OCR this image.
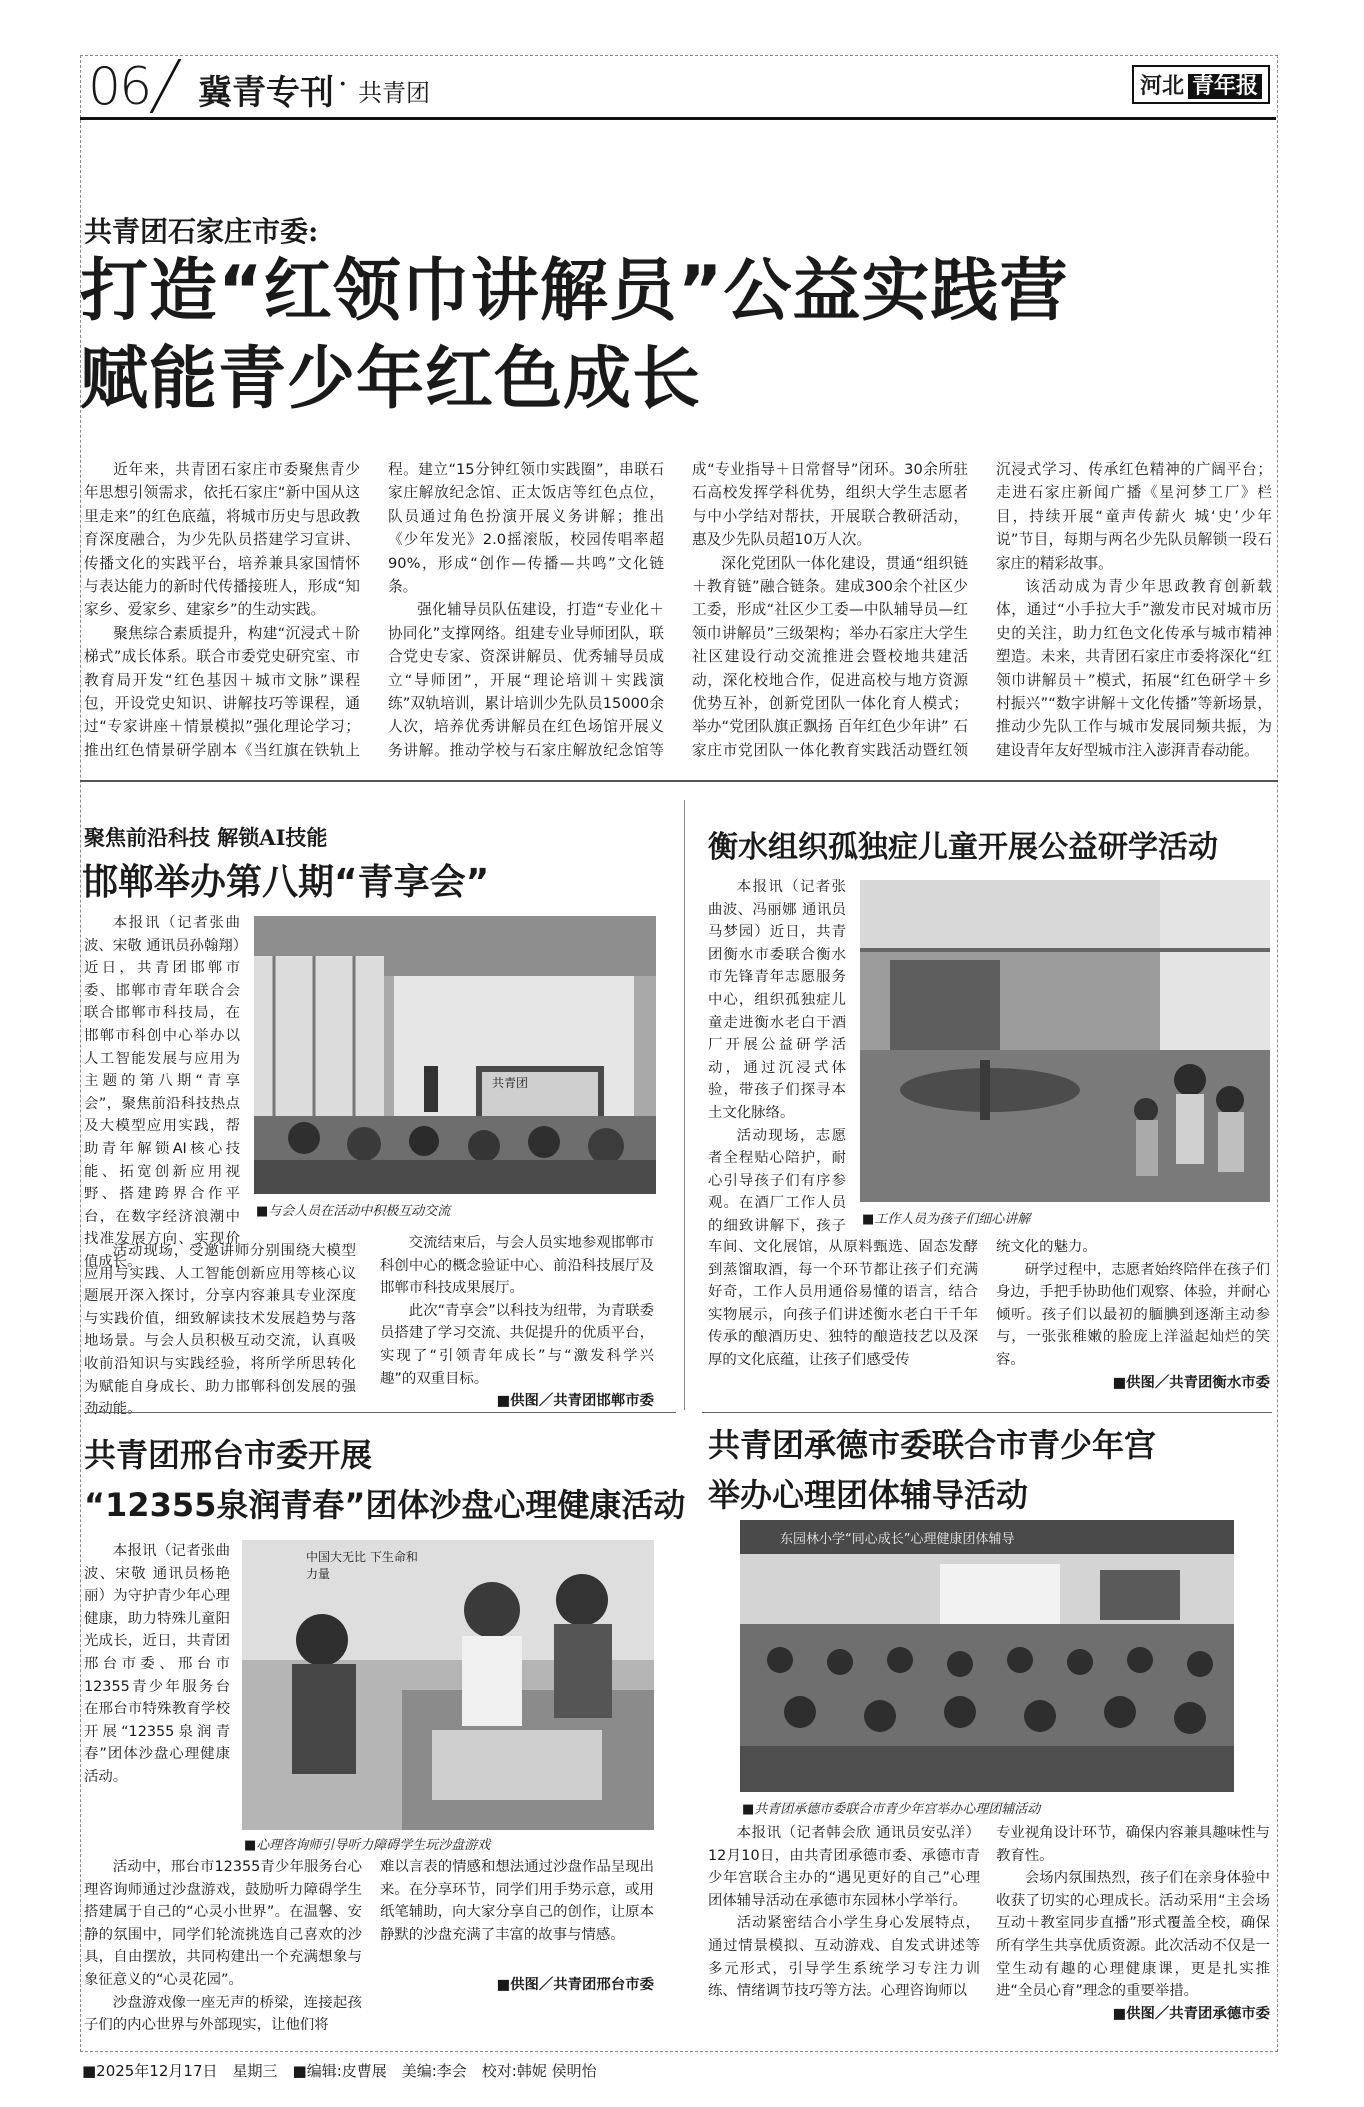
06 冀青专刊 · 共青团	河北 青年报
共青团石家庄市委:
打造“红领巾讲解员”公益实践营
赋能青少年红色成长

近年来，共青团石家庄市委聚焦青少年思想引领需求，依托石家庄“新中国从这里走来”的红色底蕴，将城市历史与思政教育深度融合，为少先队员搭建学习宣讲、传播文化的实践平台，培养兼具家国情怀与表达能力的新时代传播接班人，形成“知家乡、爱家乡、建家乡”的生动实践。

聚焦综合素质提升，构建“沉浸式＋阶梯式”成长体系。联合市委党史研究室、市教育局开发“红色基因＋城市文脉”课程包，开设党史知识、讲解技巧等课程，通过“专家讲座＋情景模拟”强化理论学习；推出红色情景研学剧本《当红旗在铁轨上

程。建立“15分钟红领巾实践圈”，串联石家庄解放纪念馆、正太饭店等红色点位，队员通过角色扮演开展义务讲解；推出《少年发光》2.0摇滚版，校园传唱率超90%，形成“创作—传播—共鸣”文化链条。

强化辅导员队伍建设，打造“专业化＋协同化”支撑网络。组建专业导师团队，联合党史专家、资深讲解员、优秀辅导员成立“导师团”，开展“理论培训＋实践演练”双轨培训，累计培训少先队员15000余人次，培养优秀讲解员在红色场馆开展义务讲解。推动学校与石家庄解放纪念馆等

成“专业指导＋日常督导”闭环。30余所驻石高校发挥学科优势，组织大学生志愿者与中小学结对帮扶，开展联合教研活动，惠及少先队员超10万人次。

深化党团队一体化建设，贯通“组织链＋教育链”融合链条。建成300余个社区少工委，形成“社区少工委—中队辅导员—红领巾讲解员”三级架构；举办石家庄大学生社区建设行动交流推进会暨校地共建活动，深化校地合作，促进高校与地方资源优势互补，创新党团队一体化育人模式；举办“党团队旗正飘扬 百年红色少年讲” 石家庄市党团队一体化教育实践活动暨红领

沉浸式学习、传承红色精神的广阔平台；走进石家庄新闻广播《星河梦工厂》栏目，持续开展“童声传薪火 城‘史’少年说”节目，每期与两名少先队员解锁一段石家庄的精彩故事。

该活动成为青少年思政教育创新载体，通过“小手拉大手”激发市民对城市历史的关注，助力红色文化传承与城市精神塑造。未来，共青团石家庄市委将深化“红领巾讲解员＋”模式，拓展“红色研学＋乡村振兴”“数字讲解＋文化传播”等新场景，推动少先队工作与城市发展同频共振，为建设青年友好型城市注入澎湃青春动能。

聚焦前沿科技 解锁AI技能
邯郸举办第八期“青享会”

本报讯（记者张曲波、宋敬 通讯员孙翰翔）近日，共青团邯郸市委、邯郸市青年联合会联合邯郸市科技局，在邯郸市科创中心举办以人工智能发展与应用为主题的第八期“青享会”，聚焦前沿科技热点及大模型应用实践，帮助青年解锁AI核心技能、拓宽创新应用视野、搭建跨界合作平台，在数字经济浪潮中找准发展方向、实现价值成长。

共青团
■与会人员在活动中积极互动交流

活动现场，受邀讲师分别围绕大模型应用与实践、人工智能创新应用等核心议题展开深入探讨，分享内容兼具专业深度与实践价值，细致解读技术发展趋势与落地场景。与会人员积极互动交流，认真吸收前沿知识与实践经验，将所学所思转化为赋能自身成长、助力邯郸科创发展的强劲动能。

交流结束后，与会人员实地参观邯郸市科创中心的概念验证中心、前沿科技展厅及邯郸市科技成果展厅。

此次“青享会”以科技为纽带，为青联委员搭建了学习交流、共促提升的优质平台，实现了“引领青年成长”与“激发科学兴趣”的双重目标。

■供图／共青团邯郸市委
衡水组织孤独症儿童开展公益研学活动

本报讯（记者张曲波、冯丽娜 通讯员马梦园）近日，共青团衡水市委联合衡水市先锋青年志愿服务中心，组织孤独症儿童走进衡水老白干酒厂开展公益研学活动，通过沉浸式体验，带孩子们探寻本土文化脉络。

活动现场，志愿者全程贴心陪护，耐心引导孩子们有序参观。在酒厂工作人员的细致讲解下，孩子 ■工作人员为孩子们细心讲解

车间、文化展馆，从原料甄选、固态发酵到蒸馏取酒，每一个环节都让孩子们充满好奇，工作人员用通俗易懂的语言，结合实物展示，向孩子们讲述衡水老白干千年传承的酿酒历史、独特的酿造技艺以及深厚的文化底蕴，让孩子们感受传

统文化的魅力。

研学过程中，志愿者始终陪伴在孩子们身边，手把手协助他们观察、体验，并耐心倾听。孩子们以最初的腼腆到逐渐主动参与，一张张稚嫩的脸庞上洋溢起灿烂的笑容。

■供图／共青团衡水市委
共青团邢台市委开展
“12355泉润青春”团体沙盘心理健康活动

本报讯（记者张曲波、宋敬 通讯员杨艳丽）为守护青少年心理健康，助力特殊儿童阳光成长，近日，共青团邢台市委、邢台市12355青少年服务台在邢台市特殊教育学校开展“12355泉润青春”团体沙盘心理健康活动。

中国大无比 下生命和力量
■心理咨询师引导听力障碍学生玩沙盘游戏

活动中，邢台市12355青少年服务台心理咨询师通过沙盘游戏，鼓励听力障碍学生搭建属于自己的“心灵小世界”。在温馨、安静的氛围中，同学们轮流挑选自己喜欢的沙具，自由摆放，共同构建出一个充满想象与象征意义的“心灵花园”。

沙盘游戏像一座无声的桥梁，连接起孩子们的内心世界与外部现实，让他们将

难以言表的情感和想法通过沙盘作品呈现出来。在分享环节，同学们用手势示意，或用纸笔辅助，向大家分享自己的创作，让原本静默的沙盘充满了丰富的故事与情感。

■供图／共青团邢台市委
共青团承德市委联合市青少年宫
举办心理团体辅导活动
东园林小学“同心成长”心理健康团体辅导
■共青团承德市委联合市青少年宫举办心理团辅活动

本报讯（记者韩会欣 通讯员安弘洋）12月10日，由共青团承德市委、承德市青少年宫联合主办的“遇见更好的自己”心理团体辅导活动在承德市东园林小学举行。

活动紧密结合小学生身心发展特点，通过情景模拟、互动游戏、自发式讲述等多元形式，引导学生系统学习专注力训练、情绪调节技巧等方法。心理咨询师以

专业视角设计环节，确保内容兼具趣味性与教育性。

会场内氛围热烈，孩子们在亲身体验中收获了切实的心理成长。活动采用“主会场互动＋教室同步直播”形式覆盖全校，确保所有学生共享优质资源。此次活动不仅是一堂生动有趣的心理健康课，更是扎实推进“全员心育”理念的重要举措。

■供图／共青团承德市委
■2025年12月17日　星期三　■编辑:皮曹展　美编:李会　校对:韩妮 侯明怡
